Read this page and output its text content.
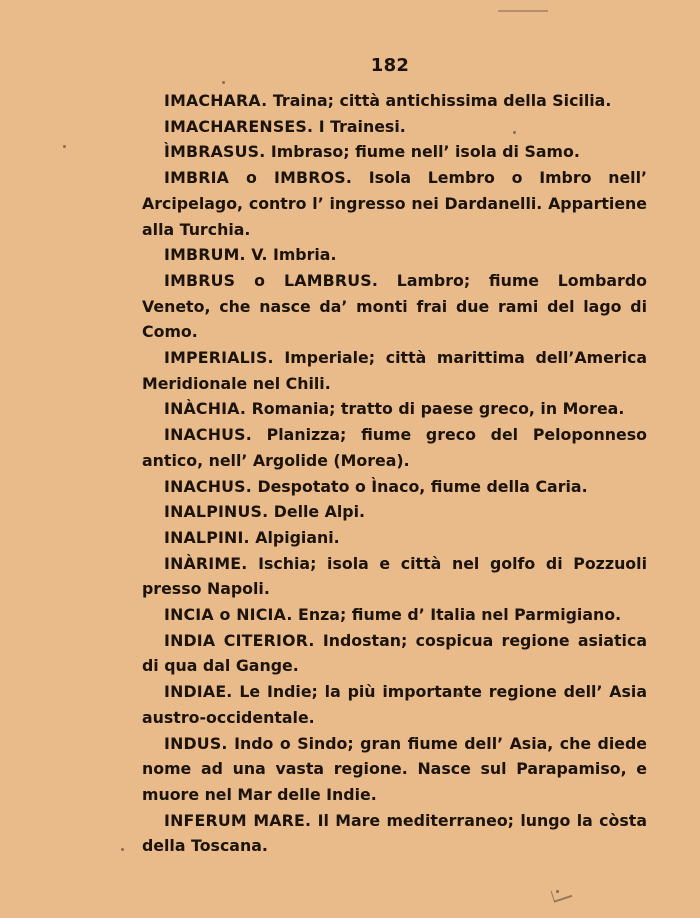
182

IMACHARA. Traina; città antichissima della Sicilia.

IMACHARENSES. I Trainesi.

ÌMBRASUS. Imbraso; fiume nell’ isola di Samo.

IMBRIA o IMBROS. Isola Lembro o Imbro nell’ Arcipelago, contro l’ ingresso nei Dardanelli. Appartiene alla Turchia.

IMBRUM. V. Imbria.

IMBRUS o LAMBRUS. Lambro; fiume Lombardo Veneto, che nasce da’ monti frai due rami del lago di Como.

IMPERIALIS. Imperiale; città marittima dell’America Meridionale nel Chili.

INÀCHIA. Romania; tratto di paese greco, in Morea.

INACHUS. Planizza; fiume greco del Peloponneso antico, nell’ Argolide (Morea).

INACHUS. Despotato o Ìnaco, fiume della Caria.

INALPINUS. Delle Alpi.

INALPINI. Alpigiani.

INÀRIME. Ischia; isola e città nel golfo di Pozzuoli presso Napoli.

INCIA o NICIA. Enza; fiume d’ Italia nel Parmigiano.

INDIA CITERIOR. Indostan; cospicua regione asiatica di qua dal Gange.

INDIAE. Le Indie; la più importante regione dell’ Asia austro-occidentale.

INDUS. Indo o Sindo; gran fiume dell’ Asia, che diede nome ad una vasta regione. Nasce sul Parapamiso, e muore nel Mar delle Indie.

INFERUM MARE. Il Mare mediterraneo; lungo la còsta della Toscana.
